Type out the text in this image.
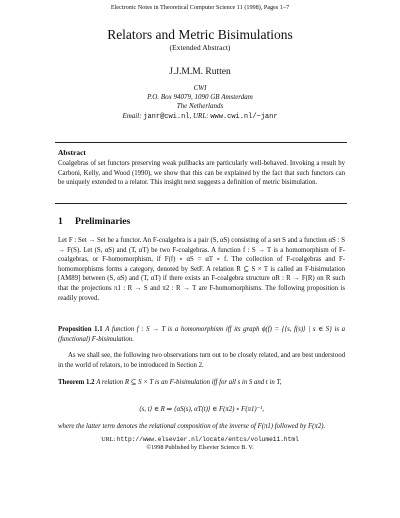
Electronic Notes in Theoretical Computer Science 11 (1998), Pages 1–7
Relators and Metric Bisimulations
(Extended Abstract)
J.J.M.M. Rutten
CWI
P.O. Box 94079, 1090 GB Amsterdam
The Netherlands
Email: janr@cwi.nl, URL: www.cwi.nl/~janr
Abstract
Coalgebras of set functors preserving weak pullbacks are particularly well-behaved. Invoking a result by Carboni, Kelly, and Wood (1990), we show that this can be explained by the fact that such functors can be uniquely extended to a relator. This insight next suggests a definition of metric bisimulation.
1 Preliminaries
Let F : Set → Set be a functor. An F-coalgebra is a pair (S, αS) consisting of a set S and a function αS : S → F(S). Let (S, αS) and (T, αT) be two F-coalgebras. A function f : S → T is a homomorphism of F-coalgebras, or F-homomorphism, if F(f) ∘ αS = αT ∘ f. The collection of F-coalgebras and F-homomorphisms forms a category, denoted by SetF. A relation R ⊆ S × T is called an F-bisimulation [AM89] between (S, αS) and (T, αT) if there exists an F-coalgebra structure αR : R → F(R) on R such that the projections π1 : R → S and π2 : R → T are F-homomorphisms. The following proposition is readily proved.
Proposition 1.1 A function f : S → T is a homomorphism iff its graph ϕ(f) = {⟨s, f(s)⟩ | s ∈ S} is a (functional) F-bisimulation.
As we shall see, the following two observations turn out to be closely related, and are best understood in the world of relators, to be introduced in Section 2.
Theorem 1.2 A relation R ⊆ S × T is an F-bisimulation iff for all s in S and t in T,
⟨s, t⟩ ∈ R ⇒ ⟨αS(s), αT(t)⟩ ∈ F(π2) ∘ F(π1)⁻¹,
where the latter term denotes the relational composition of the inverse of F(π1) followed by F(π2).
URL: http://www.elsevier.nl/locate/entcs/volume11.html
©1998 Published by Elsevier Science B. V.
